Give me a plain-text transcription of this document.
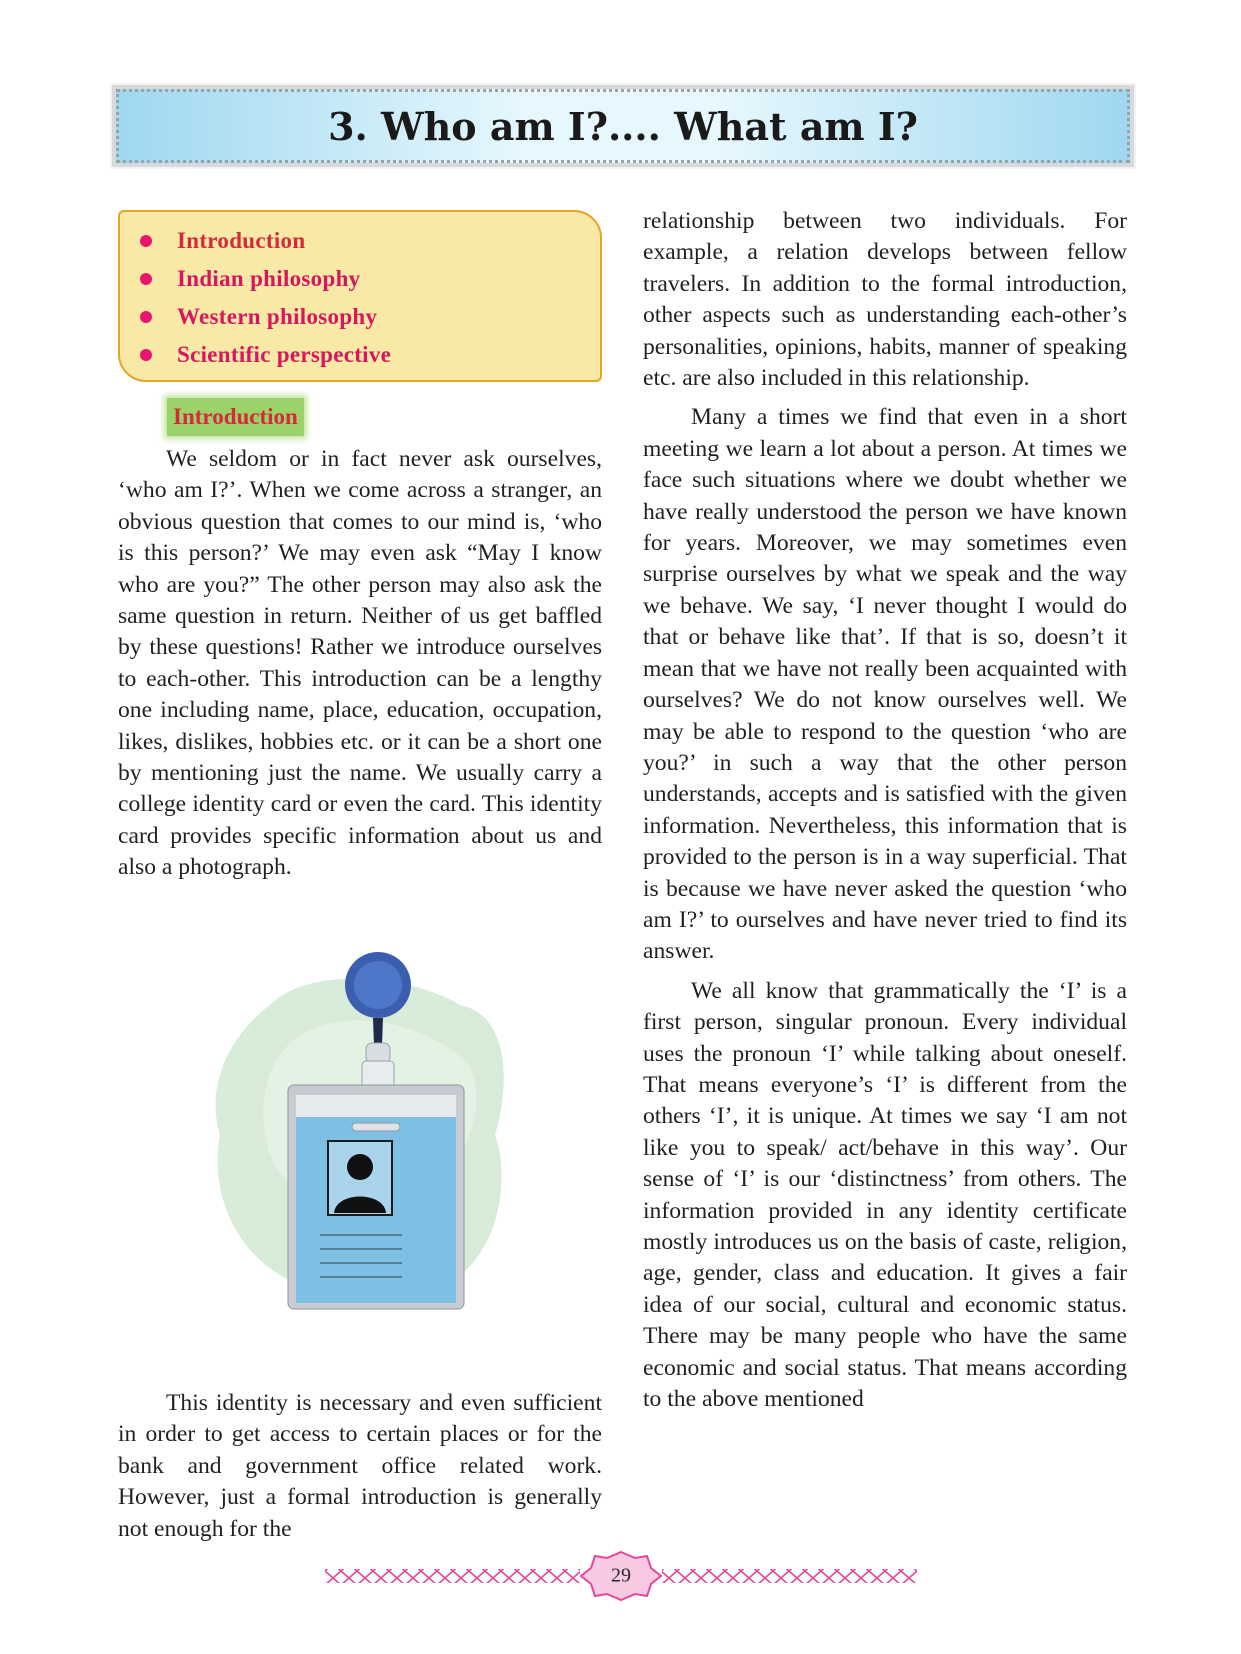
3. Who am I?.... What am I?
Introduction
Indian philosophy
Western philosophy
Scientific perspective
Introduction

We seldom or in fact never ask ourselves, ‘who am I?’. When we come across a stranger, an obvious question that comes to our mind is, ‘who is this person?’ We may even ask “May I know who are you?” The other person may also ask the same question in return. Neither of us get baffled by these questions! Rather we introduce ourselves to each-other. This introduction can be a lengthy one including name, place, education, occupation, likes, dislikes, hobbies etc. or it can be a short one by mentioning just the name. We usually carry a college identity card or even the card. This identity card provides specific information about us and also a photograph.

This identity is necessary and even sufficient in order to get access to certain places or for the bank and government office related work. However, just a formal introduction is generally not enough for the

relationship between two individuals. For example, a relation develops between fellow travelers. In addition to the formal introduction, other aspects such as understanding each-other’s personalities, opinions, habits, manner of speaking etc. are also included in this relationship.

Many a times we find that even in a short meeting we learn a lot about a person. At times we face such situations where we doubt whether we have really understood the person we have known for years. Moreover, we may sometimes even surprise ourselves by what we speak and the way we behave. We say, ‘I never thought I would do that or behave like that’. If that is so, doesn’t it mean that we have not really been acquainted with ourselves? We do not know ourselves well. We may be able to respond to the question ‘who are you?’ in such a way that the other person understands, accepts and is satisfied with the given information. Nevertheless, this information that is provided to the person is in a way superficial. That is because we have never asked the question ‘who am I?’ to ourselves and have never tried to find its answer.

We all know that grammatically the ‘I’ is a first person, singular pronoun. Every individual uses the pronoun ‘I’ while talking about oneself. That means everyone’s ‘I’ is different from the others ‘I’, it is unique. At times we say ‘I am not like you to speak/ act/behave in this way’. Our sense of ‘I’ is our ‘distinctness’ from others. The information provided in any identity certificate mostly introduces us on the basis of caste, religion, age, gender, class and education. It gives a fair idea of our social, cultural and economic status. There may be many people who have the same economic and social status. That means according to the above mentioned

29
